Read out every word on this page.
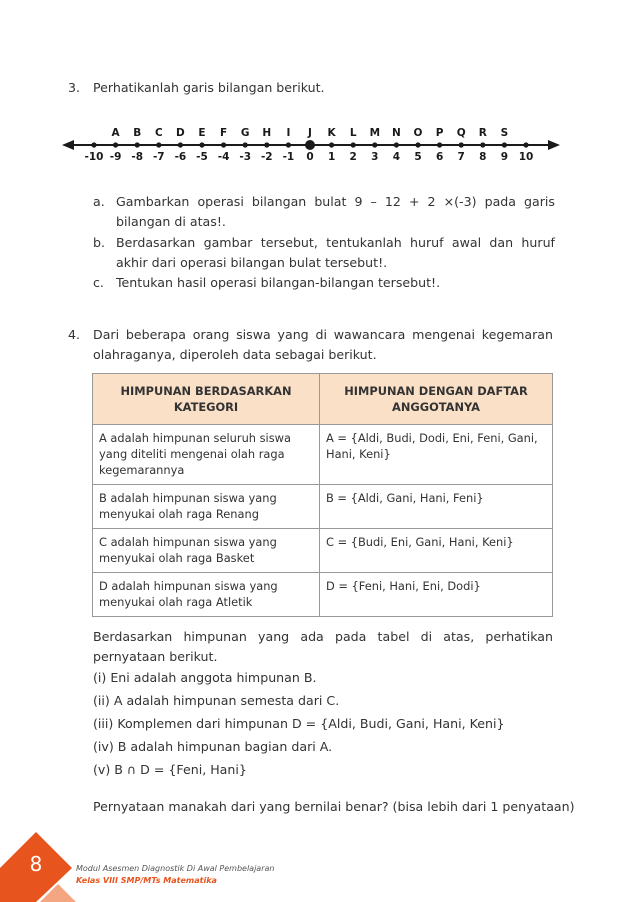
3. Perhatikanlah garis bilangan berikut.
-10 -9 -8 -7 -6 -5 -4 -3 -2 -1 0 1 2 3 4 5 6 7 8 9 10
A B C D E F G H I J K L M N O P Q R S
a. Gambarkan operasi bilangan bulat 9 – 12 + 2 ×(-3) pada garis bilangan di atas!.
b. Berdasarkan gambar tersebut, tentukanlah huruf awal dan huruf akhir dari operasi bilangan bulat tersebut!.
c. Tentukan hasil operasi bilangan-bilangan tersebut!.
4. Dari beberapa orang siswa yang di wawancara mengenai kegemaran olahraganya, diperoleh data sebagai berikut.
HIMPUNAN BERDASARKAN KATEGORI	HIMPUNAN DENGAN DAFTAR ANGGOTANYA
A adalah himpunan seluruh siswa yang diteliti mengenai olah raga kegemarannya	A = {Aldi, Budi, Dodi, Eni, Feni, Gani, Hani, Keni}
B adalah himpunan siswa yang menyukai olah raga Renang	B = {Aldi, Gani, Hani, Feni}
C adalah himpunan siswa yang menyukai olah raga Basket	C = {Budi, Eni, Gani, Hani, Keni}
D adalah himpunan siswa yang menyukai olah raga Atletik	D = {Feni, Hani, Eni, Dodi}
Berdasarkan himpunan yang ada pada tabel di atas, perhatikan pernyataan berikut.
(i) Eni adalah anggota himpunan B.
(ii) A adalah himpunan semesta dari C.
(iii) Komplemen dari himpunan D = {Aldi, Budi, Gani, Hani, Keni}
(iv) B adalah himpunan bagian dari A.
(v) B ∩ D = {Feni, Hani}
Pernyataan manakah dari yang bernilai benar? (bisa lebih dari 1 penyataan)
8	Modul Asesmen Diagnostik Di Awal Pembelajaran
Kelas VIII SMP/MTs Matematika
